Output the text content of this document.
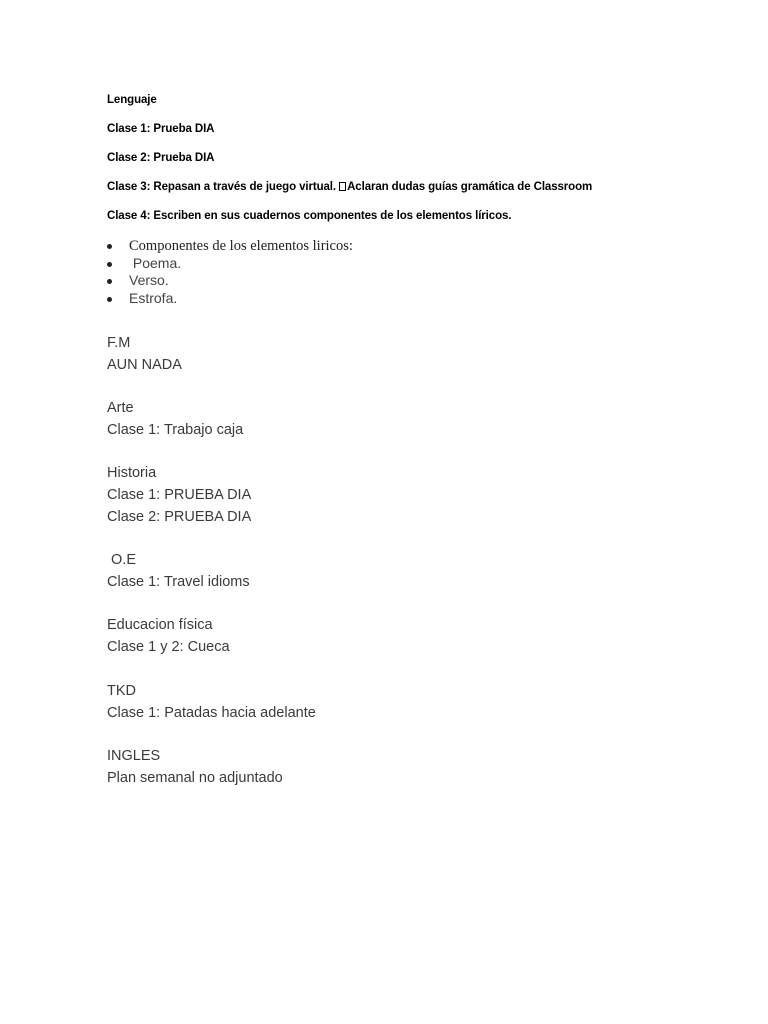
Lenguaje
Clase 1: Prueba DIA
Clase 2: Prueba DIA
Clase 3: Repasan a través de juego virtual. Aclaran dudas guías gramática de Classroom
Clase 4: Escriben en sus cuadernos componentes de los elementos líricos.
Componentes de los elementos liricos:
Poema.
Verso.
Estrofa.
F.M
AUN NADA
Arte
Clase 1: Trabajo caja
Historia
Clase 1: PRUEBA DIA
Clase 2: PRUEBA DIA
O.E
Clase 1: Travel idioms
Educacion física
Clase 1 y 2: Cueca
TKD
Clase 1: Patadas hacia adelante
INGLES
Plan semanal no adjuntado
